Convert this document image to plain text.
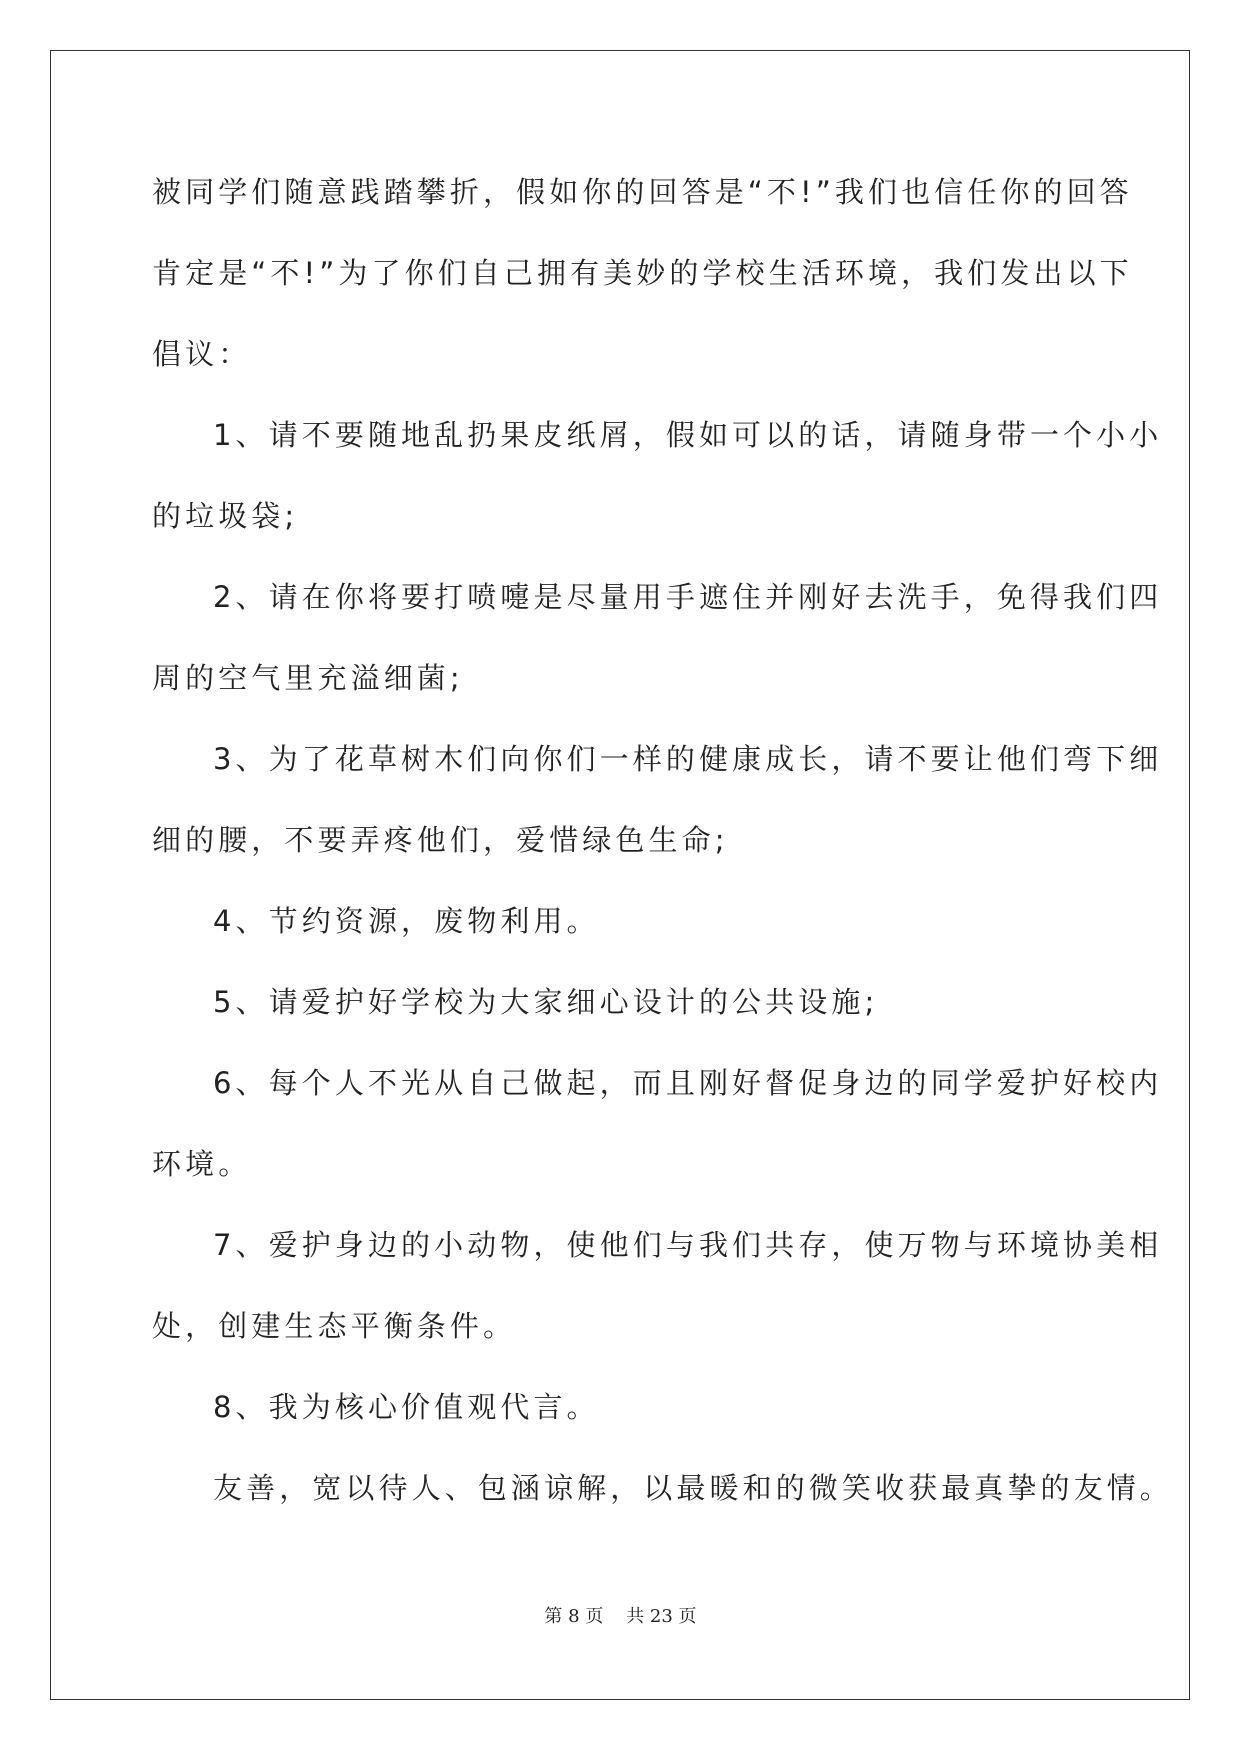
被同学们随意践踏攀折，假如你的回答是“不!”我们也信任你的回答
肯定是“不!”为了你们自己拥有美妙的学校生活环境，我们发出以下
倡议：
1、请不要随地乱扔果皮纸屑，假如可以的话，请随身带一个小小
的垃圾袋;
2、请在你将要打喷嚏是尽量用手遮住并刚好去洗手，免得我们四
周的空气里充溢细菌;
3、为了花草树木们向你们一样的健康成长，请不要让他们弯下细
细的腰，不要弄疼他们，爱惜绿色生命;
4、节约资源，废物利用。
5、请爱护好学校为大家细心设计的公共设施;
6、每个人不光从自己做起，而且刚好督促身边的同学爱护好校内
环境。
7、爱护身边的小动物，使他们与我们共存，使万物与环境协美相
处，创建生态平衡条件。
8、我为核心价值观代言。
友善，宽以待人、包涵谅解，以最暖和的微笑收获最真挚的友情。
第 8 页    共 23 页
